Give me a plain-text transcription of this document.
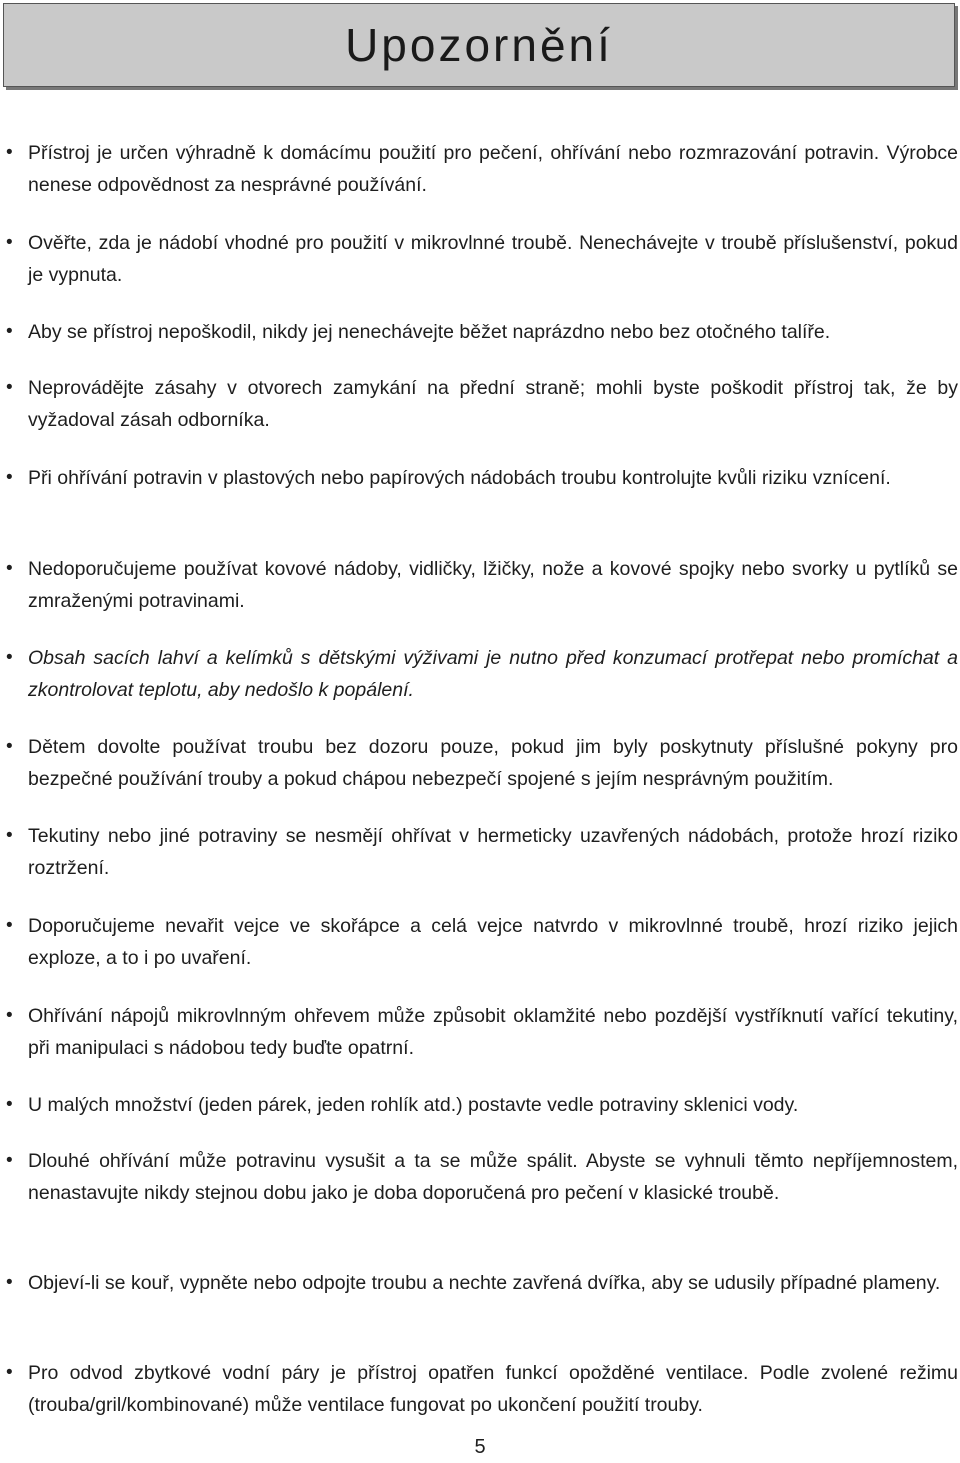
Upozornění
• Přístroj je určen výhradně k domácímu použití pro pečení, ohřívání nebo rozmrazování potravin. Výrobce nenese odpovědnost za nesprávné používání.
• Ověřte, zda je nádobí vhodné pro použití v mikrovlnné troubě. Nenechávejte v troubě příslušenství, pokud je vypnuta.
• Aby se přístroj nepoškodil, nikdy jej nenechávejte běžet naprázdno nebo bez otočného talíře.
• Neprovádějte zásahy v otvorech zamykání na přední straně; mohli byste poškodit přístroj tak, že by vyžadoval zásah odborníka.
• Při ohřívání potravin v plastových nebo papírových nádobách troubu kontrolujte kvůli riziku vznícení.
• Nedoporučujeme používat kovové nádoby, vidličky, lžičky, nože a kovové spojky nebo svorky u pytlíků se zmraženými potravinami.
• Obsah sacích lahví a kelímků s dětskými výživami je nutno před konzumací protřepat nebo promíchat a zkontrolovat teplotu, aby nedošlo k popálení.
• Dětem dovolte používat troubu bez dozoru pouze, pokud jim byly poskytnuty příslušné pokyny pro bezpečné používání trouby a pokud chápou nebezpečí spojené s jejím nesprávným použitím.
• Tekutiny nebo jiné potraviny se nesmějí ohřívat v hermeticky uzavřených nádobách, protože hrozí riziko roztržení.
• Doporučujeme nevařit vejce ve skořápce a celá vejce natvrdo v mikrovlnné troubě, hrozí riziko jejich exploze, a to i po uvaření.
• Ohřívání nápojů mikrovlnným ohřevem může způsobit oklamžité nebo pozdější vystříknutí vařící tekutiny, při manipulaci s nádobou tedy buďte opatrní.
• U malých množství (jeden párek, jeden rohlík atd.) postavte vedle potraviny sklenici vody.
• Dlouhé ohřívání může potravinu vysušit a ta se může spálit. Abyste se vyhnuli těmto nepříjemnostem, nenastavujte nikdy stejnou dobu jako je doba doporučená pro pečení v klasické troubě.
• Objeví-li se kouř, vypněte nebo odpojte troubu a nechte zavřená dvířka, aby se udusily případné plameny.
• Pro odvod zbytkové vodní páry je přístroj opatřen funkcí opožděné ventilace. Podle zvolené režimu (trouba/gril/kombinované) může ventilace fungovat po ukončení použití trouby.
5
